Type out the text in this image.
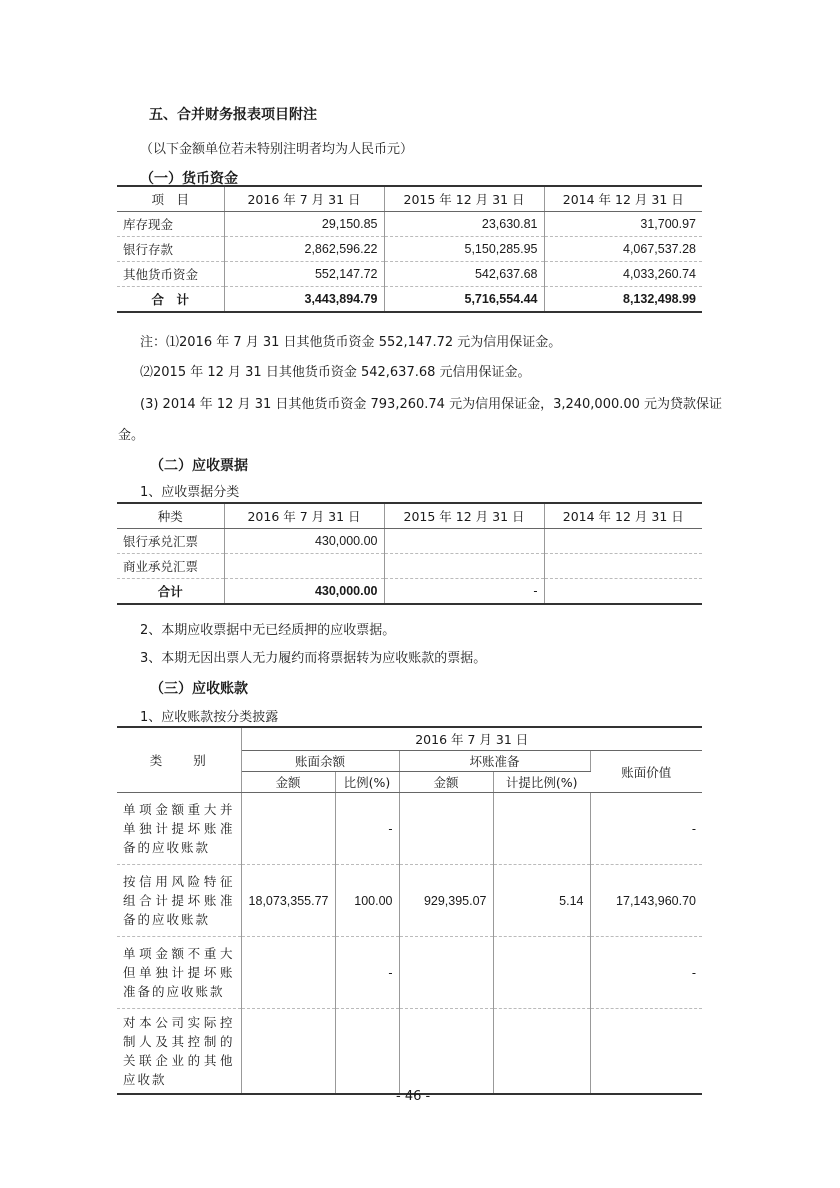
五、合并财务报表项目附注
（以下金额单位若未特别注明者均为人民币元）
（一）货币资金
项　目	2016 年 7 月 31 日	2015 年 12 月 31 日	2014 年 12 月 31 日
库存现金	29,150.85	23,630.81	31,700.97
银行存款	2,862,596.22	5,150,285.95	4,067,537.28
其他货币资金	552,147.72	542,637.68	4,033,260.74
合　计	3,443,894.79	5,716,554.44	8,132,498.99
注：⑴2016 年 7 月 31 日其他货币资金 552,147.72 元为信用保证金。
⑵2015 年 12 月 31 日其他货币资金 542,637.68 元信用保证金。
(3) 2014 年 12 月 31 日其他货币资金 793,260.74 元为信用保证金，3,240,000.00 元为贷款保证
金。
（二）应收票据
1、应收票据分类
种类	2016 年 7 月 31 日	2015 年 12 月 31 日	2014 年 12 月 31 日
银行承兑汇票	430,000.00		
商业承兑汇票			
合计	430,000.00	-	
2、本期应收票据中无已经质押的应收票据。
3、本期无因出票人无力履约而将票据转为应收账款的票据。
（三）应收账款
1、应收账款按分类披露
类　　别	2016 年 7 月 31 日				
	账面余额		坏账准备		账面价值
	金额	比例(%)	金额	计提比例(%)	
单项金额重大并单独计提坏账准备的应收账款		-			-
按信用风险特征组合计提坏账准备的应收账款	18,073,355.77	100.00	929,395.07	5.14	17,143,960.70
单项金额不重大但单独计提坏账准备的应收账款		-			-
对本公司实际控制人及其控制的关联企业的其他应收款					
- 46 -
